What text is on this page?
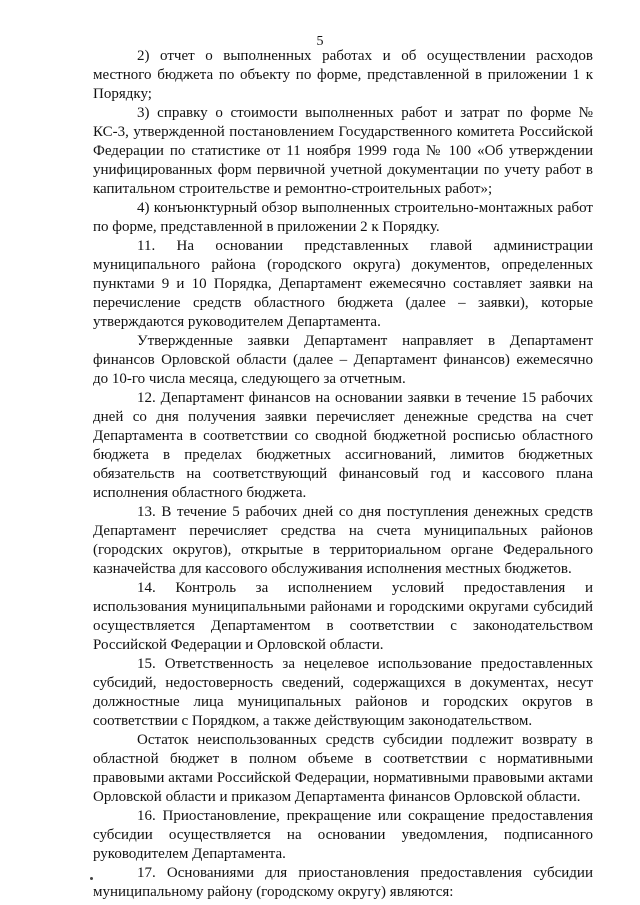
5

2) отчет о выполненных работах и об осуществлении расходов местного бюджета по объекту по форме, представленной в приложении 1 к Порядку;

3) справку о стоимости выполненных работ и затрат по форме № КС-3, утвержденной постановлением Государственного комитета Российской Федерации по статистике от 11 ноября 1999 года № 100 «Об утверждении унифицированных форм первичной учетной документации по учету работ в капитальном строительстве и ремонтно-строительных работ»;

4) конъюнктурный обзор выполненных строительно-монтажных работ по форме, представленной в приложении 2 к Порядку.

11. На основании представленных главой администрации муниципального района (городского округа) документов, определенных пунктами 9 и 10 Порядка, Департамент ежемесячно составляет заявки на перечисление средств областного бюджета (далее – заявки), которые утверждаются руководителем Департамента.

Утвержденные заявки Департамент направляет в Департамент финансов Орловской области (далее – Департамент финансов) ежемесячно до 10-го числа месяца, следующего за отчетным.

12. Департамент финансов на основании заявки в течение 15 рабочих дней со дня получения заявки перечисляет денежные средства на счет Департамента в соответствии со сводной бюджетной росписью областного бюджета в пределах бюджетных ассигнований, лимитов бюджетных обязательств на соответствующий финансовый год и кассового плана исполнения областного бюджета.

13. В течение 5 рабочих дней со дня поступления денежных средств Департамент перечисляет средства на счета муниципальных районов (городских округов), открытые в территориальном органе Федерального казначейства для кассового обслуживания исполнения местных бюджетов.

14. Контроль за исполнением условий предоставления и использования муниципальными районами и городскими округами субсидий осуществляется Департаментом в соответствии с законодательством Российской Федерации и Орловской области.

15. Ответственность за нецелевое использование предоставленных субсидий, недостоверность сведений, содержащихся в документах, несут должностные лица муниципальных районов и городских округов в соответствии с Порядком, а также действующим законодательством.

Остаток неиспользованных средств субсидии подлежит возврату в областной бюджет в полном объеме в соответствии с нормативными правовыми актами Российской Федерации, нормативными правовыми актами Орловской области и приказом Департамента финансов Орловской области.

16. Приостановление, прекращение или сокращение предоставления субсидии осуществляется на основании уведомления, подписанного руководителем Департамента.

17. Основаниями для приостановления предоставления субсидии муниципальному району (городскому округу) являются:
